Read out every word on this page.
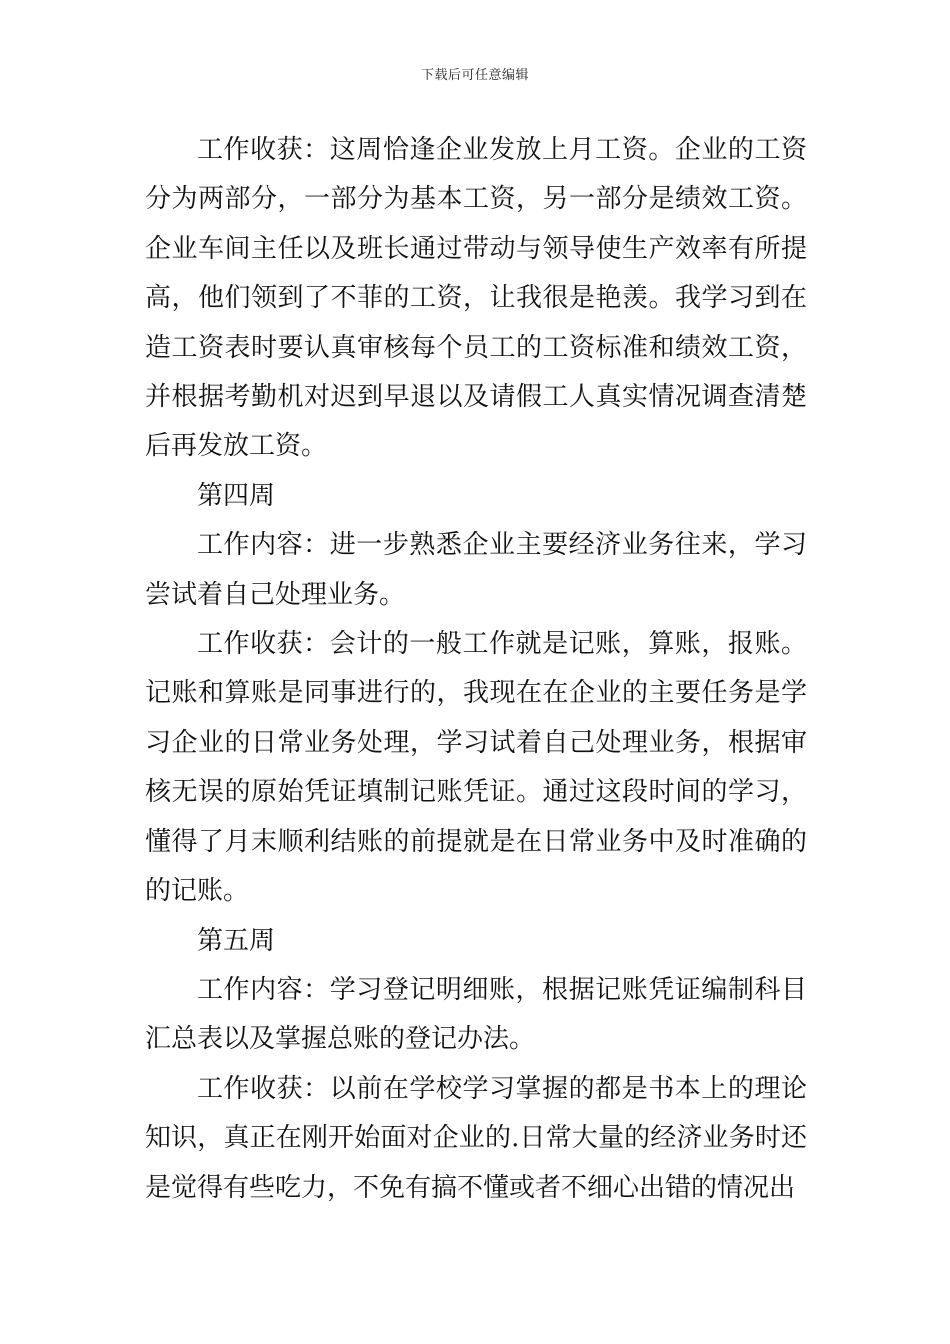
下载后可任意编辑

工作收获：这周恰逢企业发放上月工资。企业的工资分为两部分，一部分为基本工资，另一部分是绩效工资。企业车间主任以及班长通过带动与领导使生产效率有所提高，他们领到了不菲的工资，让我很是艳羡。我学习到在造工资表时要认真审核每个员工的工资标准和绩效工资，并根据考勤机对迟到早退以及请假工人真实情况调查清楚后再发放工资。

第四周

工作内容：进一步熟悉企业主要经济业务往来，学习尝试着自己处理业务。

工作收获：会计的一般工作就是记账，算账，报账。记账和算账是同事进行的，我现在在企业的主要任务是学习企业的日常业务处理，学习试着自己处理业务，根据审核无误的原始凭证填制记账凭证。通过这段时间的学习，懂得了月末顺利结账的前提就是在日常业务中及时准确的的记账。

第五周

工作内容：学习登记明细账，根据记账凭证编制科目汇总表以及掌握总账的登记办法。

工作收获：以前在学校学习掌握的都是书本上的理论知识，真正在刚开始面对企业的.日常大量的经济业务时还是觉得有些吃力，不免有搞不懂或者不细心出错的情况出
